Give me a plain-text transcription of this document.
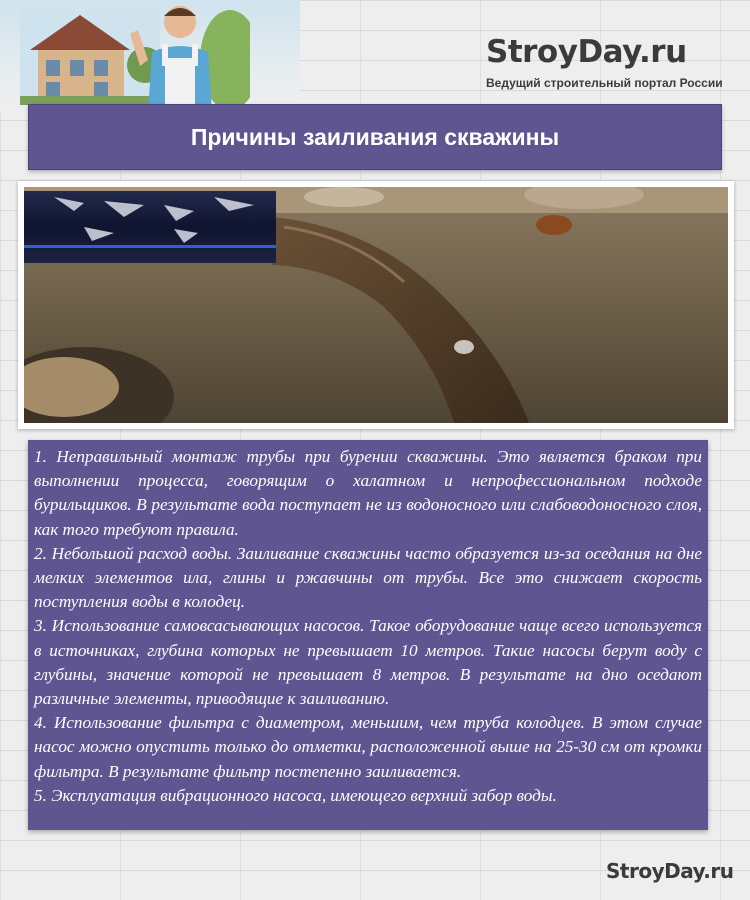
StroyDay.ru
Ведущий строительный портал России
Причины заиливания скважины

1. Неправильный монтаж трубы при бурении скважины. Это является браком при выполнении процесса, говорящим о халатном и непрофессиональном подходе бурильщиков. В результате вода поступает не из водоносного или слабоводоносного слоя, как того требуют правила.

2. Небольшой расход воды. Заиливание скважины часто образуется из-за оседания на дне мелких элементов ила, глины и ржавчины от трубы. Все это снижает скорость поступления воды в колодец.

3. Использование самовсасывающих насосов. Такое оборудование чаще всего используется в источниках, глубина которых не превышает 10 метров. Такие насосы берут воду с глубины, значение которой не превышает 8 метров. В результате на дно оседают различные элементы, приводящие к заиливанию.

4. Использование фильтра с диаметром, меньшим, чем труба колодцев. В этом случае насос можно опустить только до отметки, расположенной выше на 25-30 см от кромки фильтра. В результате фильтр постепенно заиливается.

5. Эксплуатация вибрационного насоса, имеющего верхний забор воды.

StroyDay.ru
